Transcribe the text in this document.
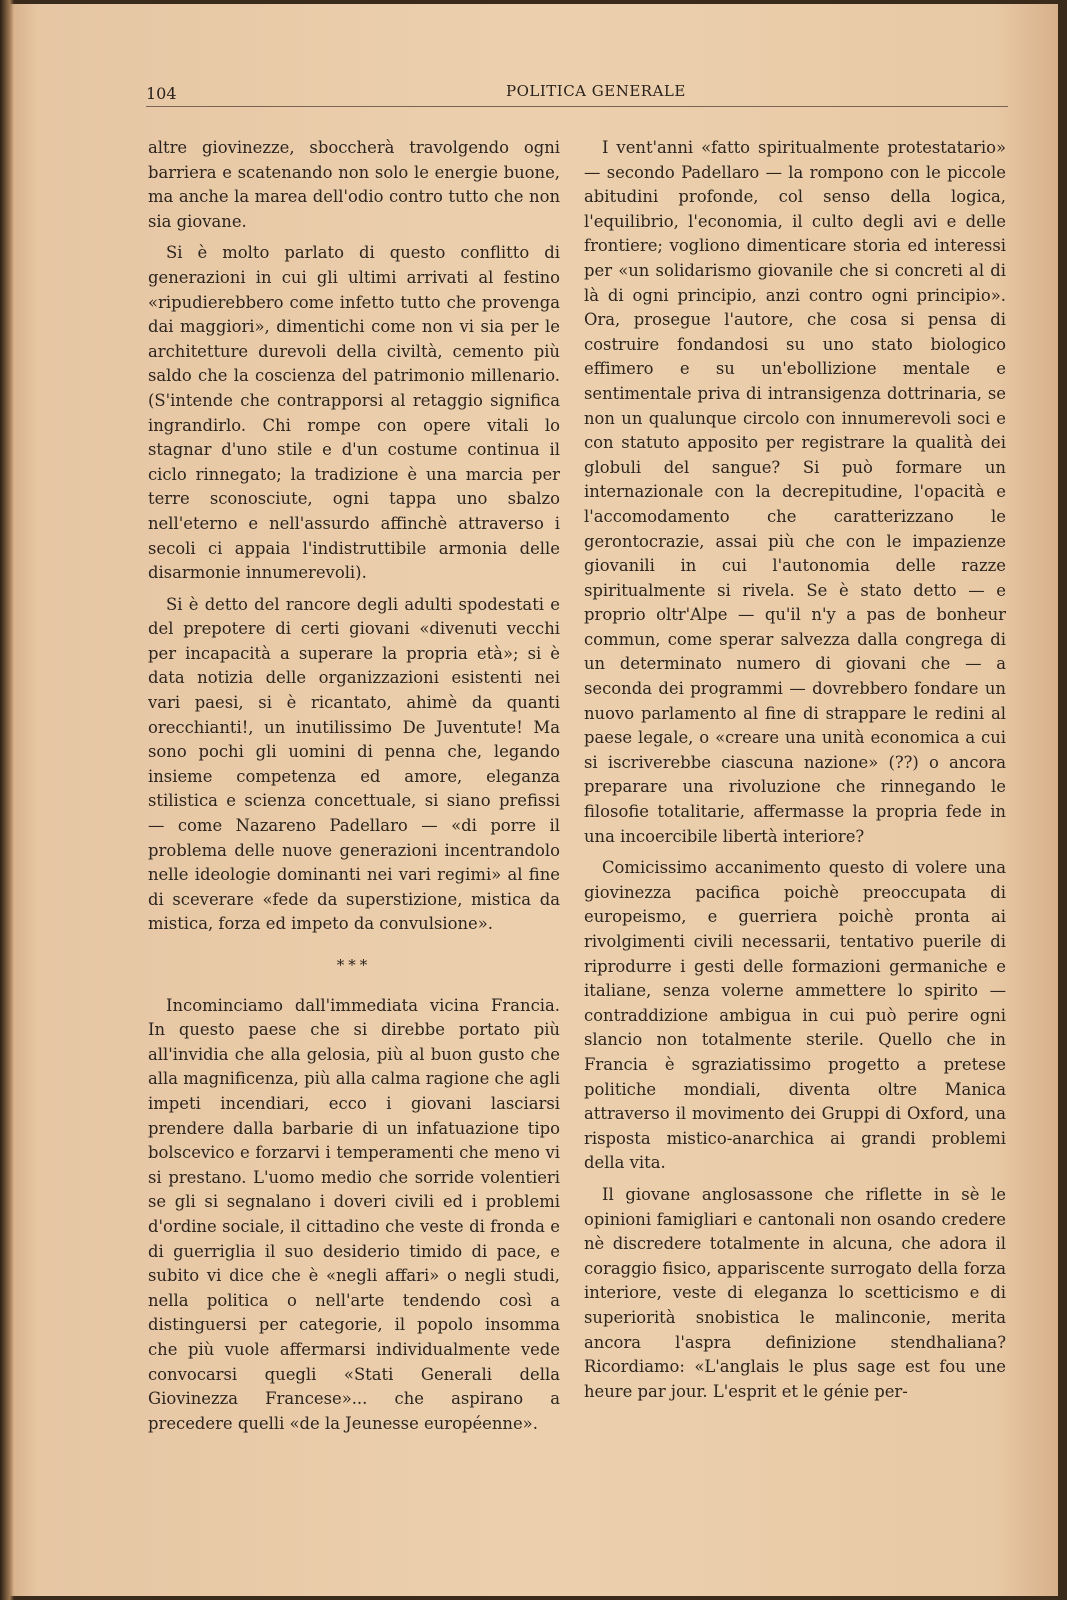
104	POLITICA GENERALE

altre giovinezze, sboccherà travolgendo ogni barriera e scatenando non solo le energie buone, ma anche la marea dell'odio contro tutto che non sia giovane.

Si è molto parlato di questo conflitto di generazioni in cui gli ultimi arrivati al festino «ripudierebbero come infetto tutto che provenga dai maggiori», dimentichi come non vi sia per le architetture durevoli della civiltà, cemento più saldo che la coscienza del patrimonio millenario. (S'intende che contrapporsi al retaggio significa ingrandirlo. Chi rompe con opere vitali lo stagnar d'uno stile e d'un costume continua il ciclo rinnegato; la tradizione è una marcia per terre sconosciute, ogni tappa uno sbalzo nell'eterno e nell'assurdo affinchè attraverso i secoli ci appaia l'indistruttibile armonia delle disarmonie innumerevoli).

Si è detto del rancore degli adulti spodestati e del prepotere di certi giovani «divenuti vecchi per incapacità a superare la propria età»; si è data notizia delle organizzazioni esistenti nei vari paesi, si è ricantato, ahimè da quanti orecchianti!, un inutilissimo De Juventute! Ma sono pochi gli uomini di penna che, legando insieme competenza ed amore, eleganza stilistica e scienza concettuale, si siano prefissi — come Nazareno Padellaro — «di porre il problema delle nuove generazioni incentrandolo nelle ideologie dominanti nei vari regimi» al fine di sceverare «fede da superstizione, mistica da mistica, forza ed impeto da convulsione».

***

Incominciamo dall'immediata vicina Francia. In questo paese che si direbbe portato più all'invidia che alla gelosia, più al buon gusto che alla magnificenza, più alla calma ragione che agli impeti incendiari, ecco i giovani lasciarsi prendere dalla barbarie di un infatuazione tipo bolscevico e forzarvi i temperamenti che meno vi si prestano. L'uomo medio che sorride volentieri se gli si segnalano i doveri civili ed i problemi d'ordine sociale, il cittadino che veste di fronda e di guerriglia il suo desiderio timido di pace, e subito vi dice che è «negli affari» o negli studi, nella politica o nell'arte tendendo così a distinguersi per categorie, il popolo insomma che più vuole affermarsi individualmente vede convocarsi quegli «Stati Generali della Giovinezza Francese»... che aspirano a precedere quelli «de la Jeunesse européenne».

I vent'anni «fatto spiritualmente protestatario» — secondo Padellaro — la rompono con le piccole abitudini profonde, col senso della logica, l'equilibrio, l'economia, il culto degli avi e delle frontiere; vogliono dimenticare storia ed interessi per «un solidarismo giovanile che si concreti al di là di ogni principio, anzi contro ogni principio». Ora, prosegue l'autore, che cosa si pensa di costruire fondandosi su uno stato biologico effimero e su un'ebollizione mentale e sentimentale priva di intransigenza dottrinaria, se non un qualunque circolo con innumerevoli soci e con statuto apposito per registrare la qualità dei globuli del sangue? Si può formare un internazionale con la decrepitudine, l'opacità e l'accomodamento che caratterizzano le gerontocrazie, assai più che con le impazienze giovanili in cui l'autonomia delle razze spiritualmente si rivela. Se è stato detto — e proprio oltr'Alpe — qu'il n'y a pas de bonheur commun, come sperar salvezza dalla congrega di un determinato numero di giovani che — a seconda dei programmi — dovrebbero fondare un nuovo parlamento al fine di strappare le redini al paese legale, o «creare una unità economica a cui si iscriverebbe ciascuna nazione» (??) o ancora preparare una rivoluzione che rinnegando le filosofie totalitarie, affermasse la propria fede in una incoercibile libertà interiore?

Comicissimo accanimento questo di volere una giovinezza pacifica poichè preoccupata di europeismo, e guerriera poichè pronta ai rivolgimenti civili necessarii, tentativo puerile di riprodurre i gesti delle formazioni germaniche e italiane, senza volerne ammettere lo spirito — contraddizione ambigua in cui può perire ogni slancio non totalmente sterile. Quello che in Francia è sgraziatissimo progetto a pretese politiche mondiali, diventa oltre Manica attraverso il movimento dei Gruppi di Oxford, una risposta mistico-anarchica ai grandi problemi della vita.

Il giovane anglosassone che riflette in sè le opinioni famigliari e cantonali non osando credere nè discredere totalmente in alcuna, che adora il coraggio fisico, appariscente surrogato della forza interiore, veste di eleganza lo scetticismo e di superiorità snobistica le malinconie, merita ancora l'aspra definizione stendhaliana? Ricordiamo: «L'anglais le plus sage est fou une heure par jour. L'esprit et le génie per-
